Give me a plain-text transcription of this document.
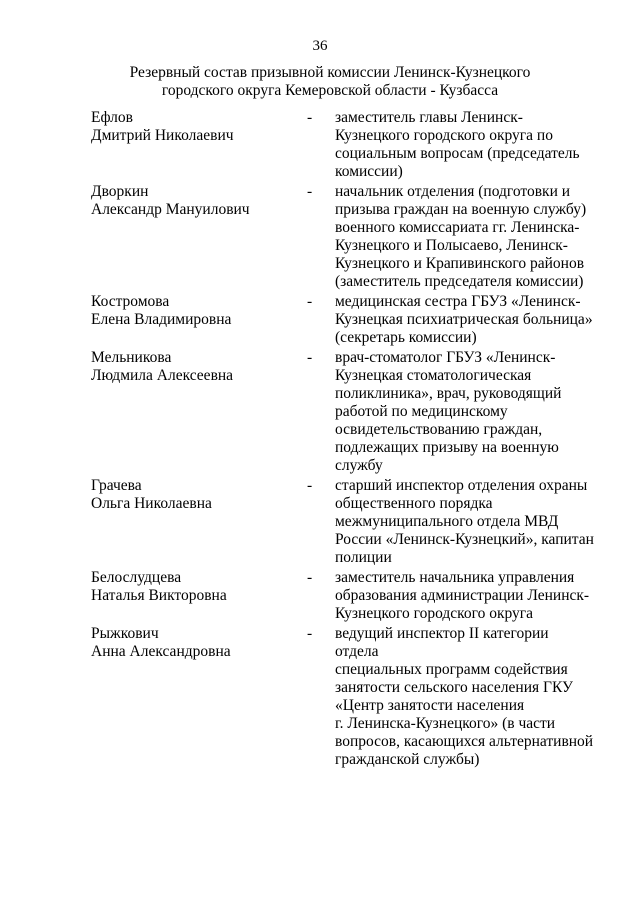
36
Резервный состав призывной комиссии Ленинск-Кузнецкого
городского округа Кемеровской области - Кузбасса
Ефлов
Дмитрий Николаевич
-	заместитель главы Ленинск-
Кузнецкого городского округа по
социальным вопросам (председатель
комиссии)
Дворкин
Александр Мануилович
-	начальник отделения (подготовки и
призыва граждан на военную службу)
военного комиссариата гг. Ленинска-
Кузнецкого и Полысаево, Ленинск-
Кузнецкого и Крапивинского районов
(заместитель председателя комиссии)
Костромова
Елена Владимировна
-	медицинская сестра ГБУЗ «Ленинск-
Кузнецкая психиатрическая больница»
(секретарь комиссии)
Мельникова
Людмила Алексеевна
-	врач-стоматолог ГБУЗ «Ленинск-
Кузнецкая стоматологическая
поликлиника», врач, руководящий
работой по медицинскому
освидетельствованию граждан,
подлежащих призыву на военную
службу
Грачева
Ольга Николаевна
-	старший инспектор отделения охраны
общественного порядка
межмуниципального отдела МВД
России «Ленинск-Кузнецкий», капитан
полиции
Белослудцева
Наталья Викторовна
-	заместитель начальника управления
образования администрации Ленинск-
Кузнецкого городского округа
Рыжкович
Анна Александровна
-	ведущий инспектор II категории отдела
специальных программ содействия
занятости сельского населения ГКУ
«Центр занятости населения
г. Ленинска-Кузнецкого» (в части
вопросов, касающихся альтернативной
гражданской службы)
